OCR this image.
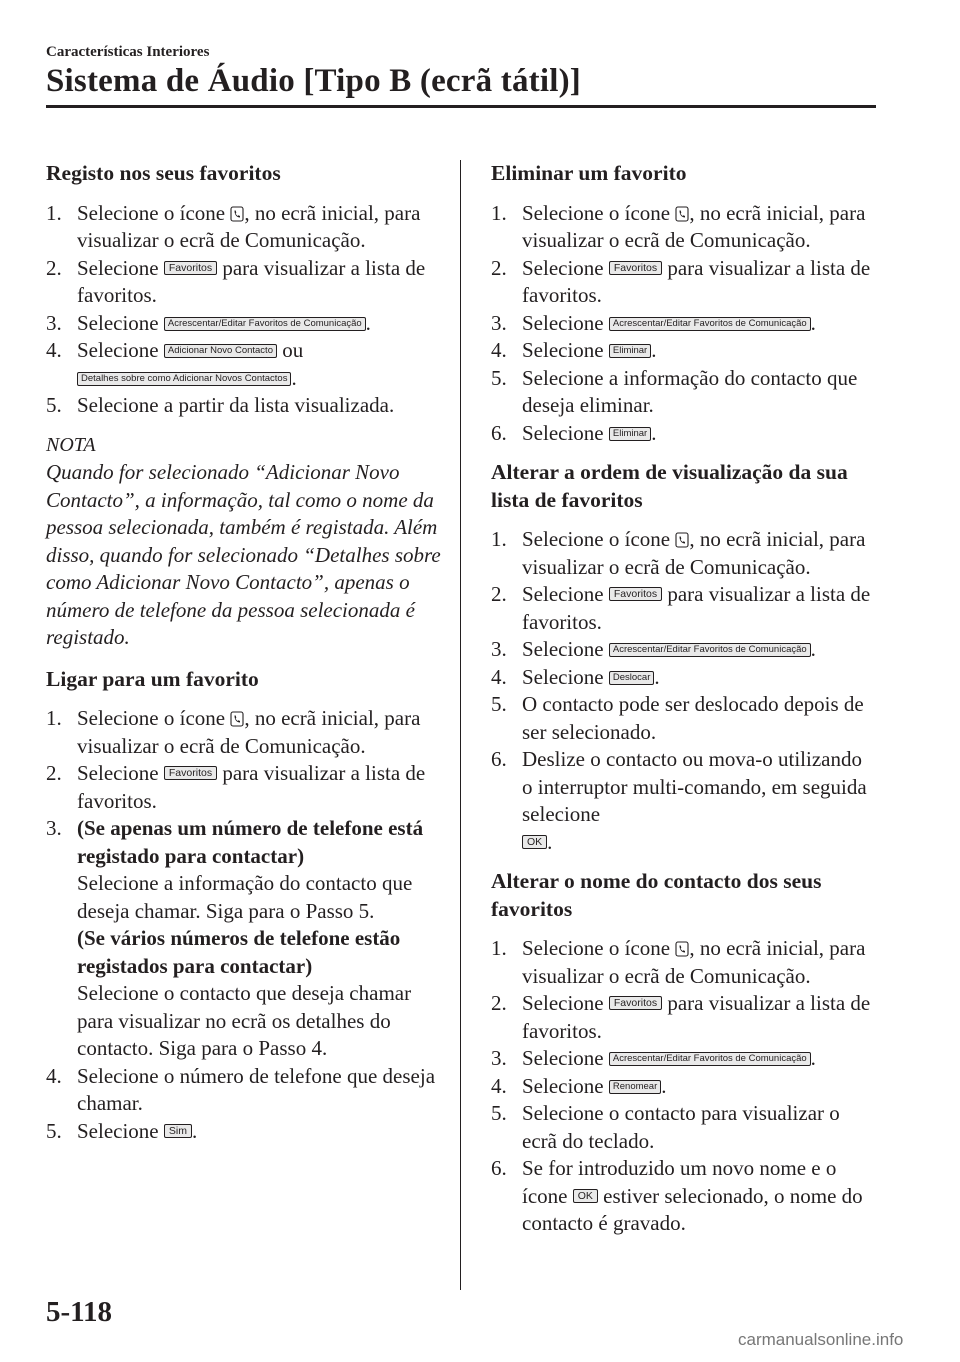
Características Interiores

Sistema de Áudio [Tipo B (ecrã tátil)]
Registo nos seus favoritos
1. Selecione o ícone , no ecrã inicial, para visualizar o ecrã de Comunicação.
2. Selecione Favoritos para visualizar a lista de favoritos.
3. Selecione Acrescentar/Editar Favoritos de Comunicação .
4. Selecione Adicionar Novo Contacto ou
Detalhes sobre como Adicionar Novos Contactos .
5. Selecione a partir da lista visualizada.

NOTA

Quando for selecionado “Adicionar Novo Contacto”, a informação, tal como o nome da pessoa selecionada, também é registada. Além disso, quando for selecionado “Detalhes sobre como Adicionar Novo Contacto”, apenas o número de telefone da pessoa selecionada é registado.

Ligar para um favorito
1. Selecione o ícone , no ecrã inicial, para visualizar o ecrã de Comunicação.
2. Selecione Favoritos para visualizar a lista de favoritos.
3. (Se apenas um número de telefone está registado para contactar)
Selecione a informação do contacto que deseja chamar. Siga para o Passo 5.
(Se vários números de telefone estão registados para contactar)
Selecione o contacto que deseja chamar para visualizar no ecrã os detalhes do contacto. Siga para o Passo 4.
4. Selecione o número de telefone que deseja chamar.
5. Selecione Sim .
Eliminar um favorito
1. Selecione o ícone , no ecrã inicial, para visualizar o ecrã de Comunicação.
2. Selecione Favoritos para visualizar a lista de favoritos.
3. Selecione Acrescentar/Editar Favoritos de Comunicação .
4. Selecione Eliminar .
5. Selecione a informação do contacto que deseja eliminar.
6. Selecione Eliminar .
Alterar a ordem de visualização da sua lista de favoritos
1. Selecione o ícone , no ecrã inicial, para visualizar o ecrã de Comunicação.
2. Selecione Favoritos para visualizar a lista de favoritos.
3. Selecione Acrescentar/Editar Favoritos de Comunicação .
4. Selecione Deslocar .
5. O contacto pode ser deslocado depois de ser selecionado.
6. Deslize o contacto ou mova-o utilizando o interruptor multi-comando, em seguida selecione
OK .
Alterar o nome do contacto dos seus favoritos
1. Selecione o ícone , no ecrã inicial, para visualizar o ecrã de Comunicação.
2. Selecione Favoritos para visualizar a lista de favoritos.
3. Selecione Acrescentar/Editar Favoritos de Comunicação .
4. Selecione Renomear .
5. Selecione o contacto para visualizar o ecrã do teclado.
6. Se for introduzido um novo nome e o ícone OK estiver selecionado, o nome do contacto é gravado.

5-118

carmanualsonline.info
